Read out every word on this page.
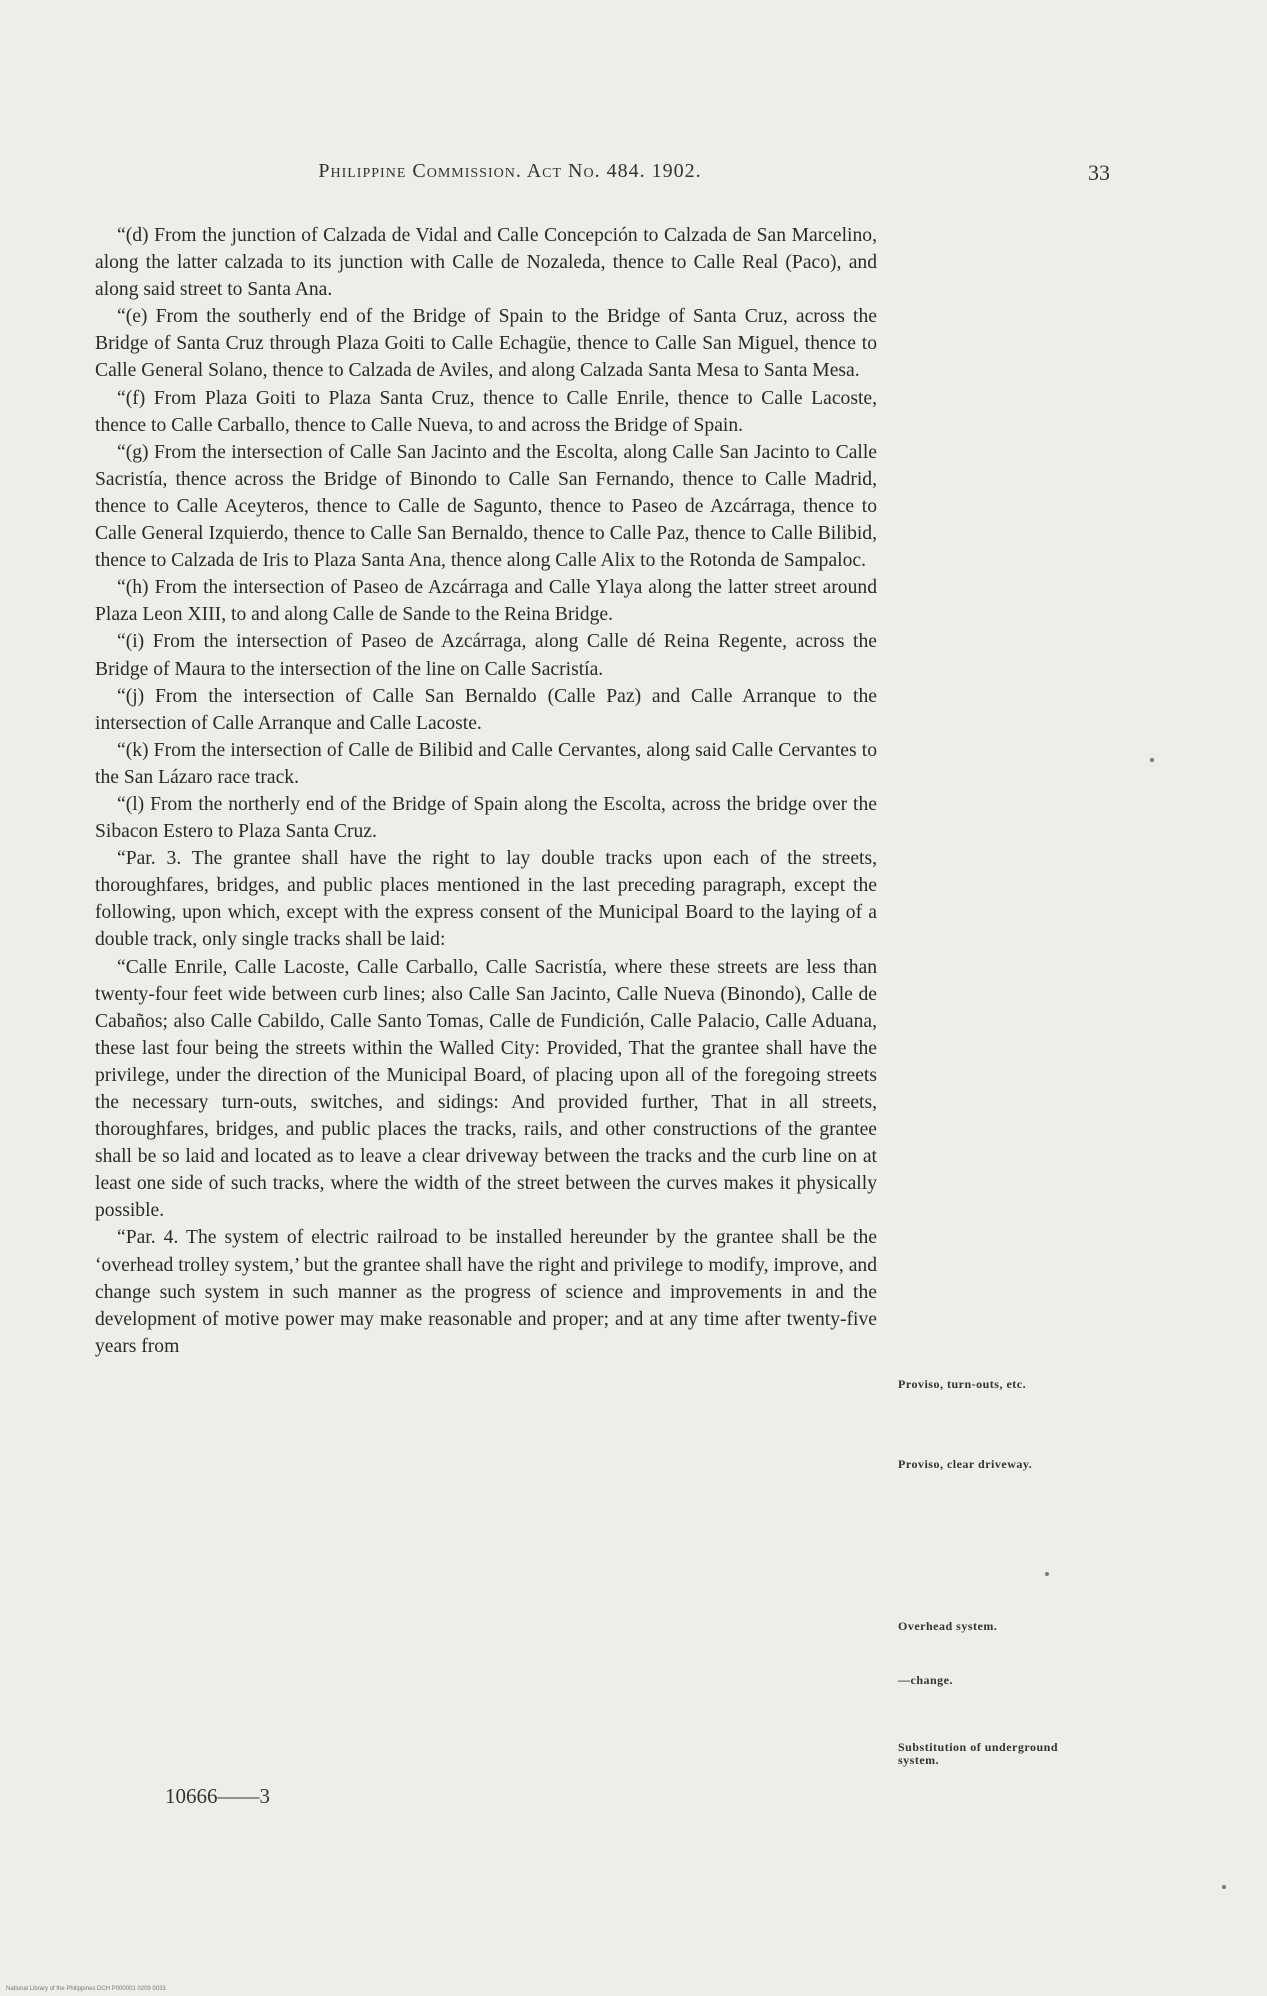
Philippine Commission. Act No. 484. 1902.	33

“(d) From the junction of Calzada de Vidal and Calle Concepción to Calzada de San Marcelino, along the latter calzada to its junction with Calle de Nozaleda, thence to Calle Real (Paco), and along said street to Santa Ana.

“(e) From the southerly end of the Bridge of Spain to the Bridge of Santa Cruz, across the Bridge of Santa Cruz through Plaza Goiti to Calle Echagüe, thence to Calle San Miguel, thence to Calle General Solano, thence to Calzada de Aviles, and along Calzada Santa Mesa to Santa Mesa.

“(f) From Plaza Goiti to Plaza Santa Cruz, thence to Calle Enrile, thence to Calle Lacoste, thence to Calle Carballo, thence to Calle Nueva, to and across the Bridge of Spain.

“(g) From the intersection of Calle San Jacinto and the Escolta, along Calle San Jacinto to Calle Sacristía, thence across the Bridge of Binondo to Calle San Fernando, thence to Calle Madrid, thence to Calle Aceyteros, thence to Calle de Sagunto, thence to Paseo de Azcárraga, thence to Calle General Izquierdo, thence to Calle San Bernaldo, thence to Calle Paz, thence to Calle Bilibid, thence to Calzada de Iris to Plaza Santa Ana, thence along Calle Alix to the Rotonda de Sampaloc.

“(h) From the intersection of Paseo de Azcárraga and Calle Ylaya along the latter street around Plaza Leon XIII, to and along Calle de Sande to the Reina Bridge.

“(i) From the intersection of Paseo de Azcárraga, along Calle dé Reina Regente, across the Bridge of Maura to the intersection of the line on Calle Sacristía.

“(j) From the intersection of Calle San Bernaldo (Calle Paz) and Calle Arranque to the intersection of Calle Arranque and Calle Lacoste.

“(k) From the intersection of Calle de Bilibid and Calle Cervantes, along said Calle Cervantes to the San Lázaro race track.

“(l) From the northerly end of the Bridge of Spain along the Escolta, across the bridge over the Sibacon Estero to Plaza Santa Cruz.

“Par. 3. The grantee shall have the right to lay double tracks upon each of the streets, thoroughfares, bridges, and public places mentioned in the last preceding paragraph, except the following, upon which, except with the express consent of the Municipal Board to the laying of a double track, only single tracks shall be laid:

“Calle Enrile, Calle Lacoste, Calle Carballo, Calle Sacristía, where these streets are less than twenty-four feet wide between curb lines; also Calle San Jacinto, Calle Nueva (Binondo), Calle de Cabaños; also Calle Cabildo, Calle Santo Tomas, Calle de Fundición, Calle Palacio, Calle Aduana, these last four being the streets within the Walled City: Provided, That the grantee shall have the privilege, under the direction of the Municipal Board, of placing upon all of the foregoing streets the necessary turn-outs, switches, and sidings: And provided further, That in all streets, thoroughfares, bridges, and public places the tracks, rails, and other constructions of the grantee shall be so laid and located as to leave a clear driveway between the tracks and the curb line on at least one side of such tracks, where the width of the street between the curves makes it physically possible.

“Par. 4. The system of electric railroad to be installed hereunder by the grantee shall be the ‘overhead trolley system,’ but the grantee shall have the right and privilege to modify, improve, and change such system in such manner as the progress of science and improvements in and the development of motive power may make reasonable and proper; and at any time after twenty-five years from

Proviso, turn-outs, etc.
Proviso, clear driveway.
Overhead system.
—change.
Substitution of underground system.
10666——3
National Library of the Philippines DCH P000001 0209 0033
